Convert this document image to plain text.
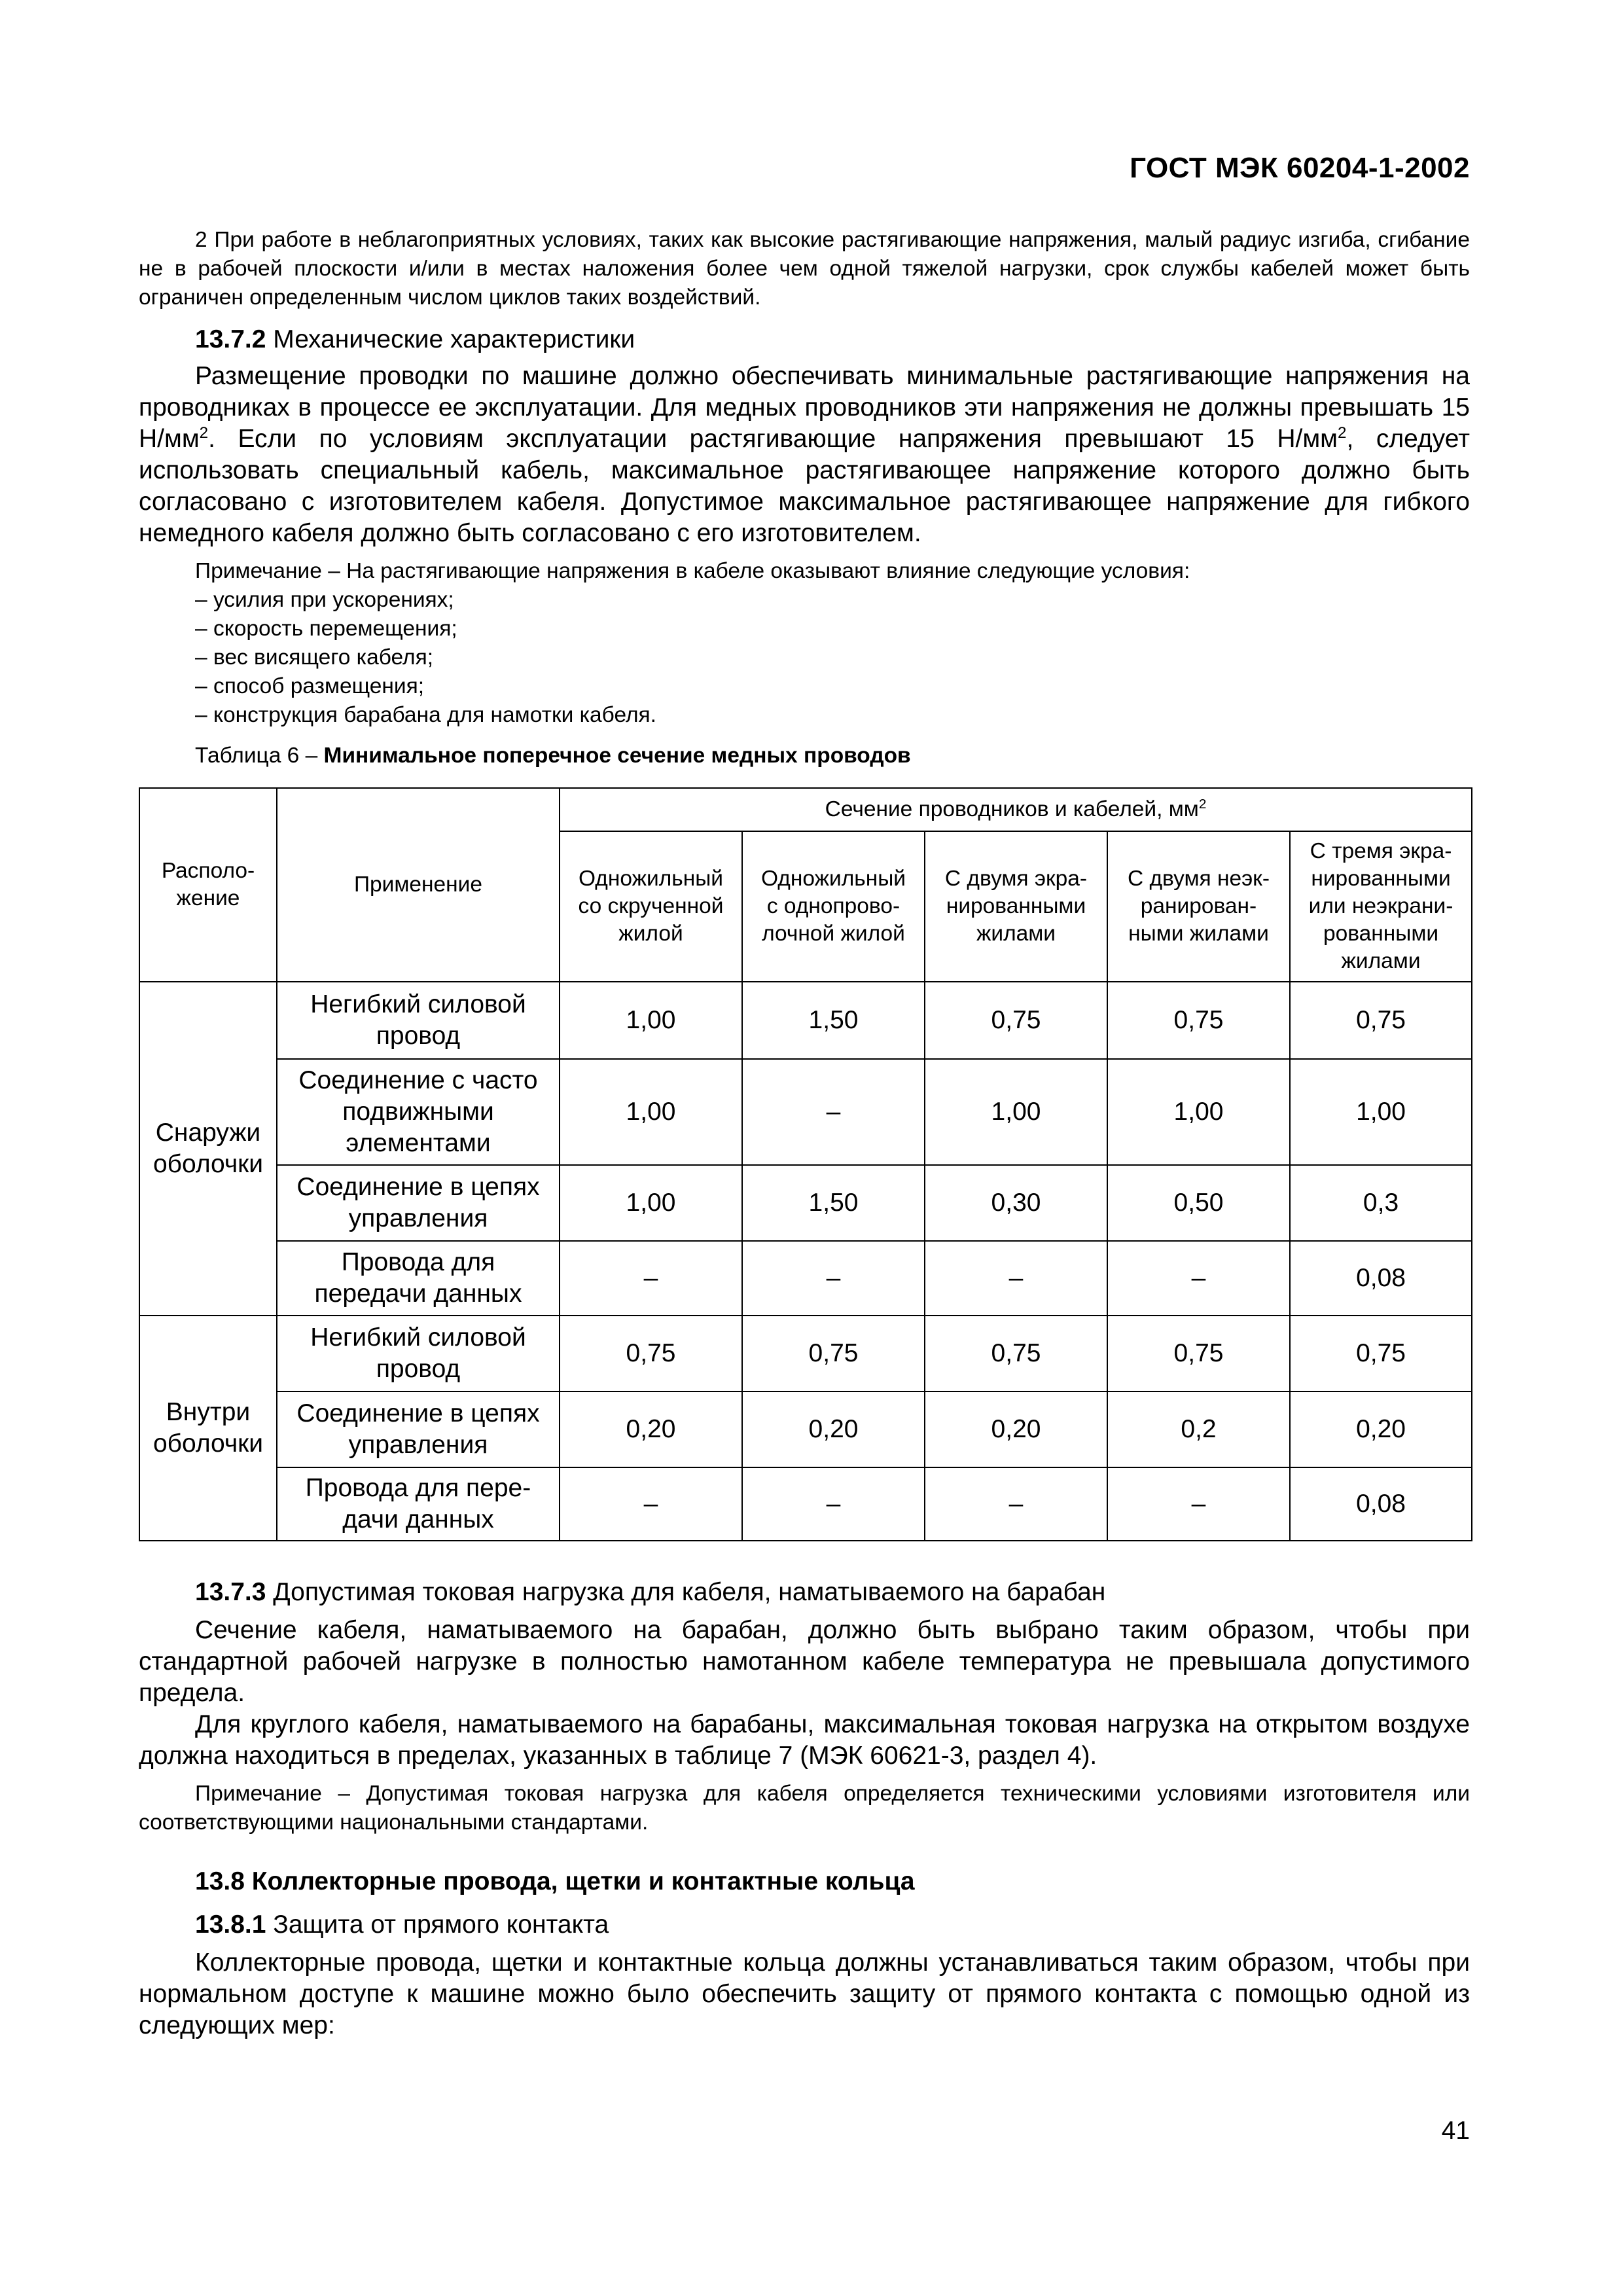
ГОСТ МЭК 60204-1-2002
2 При работе в неблагоприятных условиях, таких как высокие растягивающие напряжения, малый радиус изгиба, сгибание не в рабочей плоскости и/или в местах наложения более чем одной тяжелой нагрузки, срок службы кабелей может быть ограничен определенным числом циклов таких воздействий.
13.7.2 Механические характеристики
Размещение проводки по машине должно обеспечивать минимальные растягивающие напряжения на проводниках в процессе ее эксплуатации. Для медных проводников эти напряжения не должны превышать 15 $Н/мм^2$. Если по условиям эксплуатации растягивающие напряжения превышают 15 $Н/мм^2$, следует использовать специальный кабель, максимальное растягивающее напряжение которого должно быть согласовано с изготовителем кабеля. Допустимое максимальное растягивающее напряжение для гибкого немедного кабеля должно быть согласовано с его изготовителем.
Примечание – На растягивающие напряжения в кабеле оказывают влияние следующие условия:
– усилия при ускорениях;
– скорость перемещения;
– вес висящего кабеля;
– способ размещения;
– конструкция барабана для намотки кабеля.
Таблица 6 – Минимальное поперечное сечение медных проводов
Располо-
жение	Применение	Сечение проводников и кабелей, $мм^2$
		Одножильный
со скрученной
жилой	Одножильный
с однопрово-
лочной жилой	С двумя экра-
нированными
жилами	С двумя неэк-
ранирован-
ными жилами	С тремя экра-
нированными
или неэкрани-
рованными
жилами
Снаружи
оболочки	Негибкий силовой
провод	1,00	1,50	0,75	0,75	0,75
	Соединение с часто
подвижными
элементами	1,00	–	1,00	1,00	1,00
	Соединение в цепях
управления	1,00	1,50	0,30	0,50	0,3
	Провода для
передачи данных	–	–	–	–	0,08
Внутри
оболочки	Негибкий силовой
провод	0,75	0,75	0,75	0,75	0,75
	Соединение в цепях
управления	0,20	0,20	0,20	0,2	0,20
	Провода для пере-
дачи данных	–	–	–	–	0,08
13.7.3 Допустимая токовая нагрузка для кабеля, наматываемого на барабан
Сечение кабеля, наматываемого на барабан, должно быть выбрано таким образом, чтобы при стандартной рабочей нагрузке в полностью намотанном кабеле температура не превышала допустимого предела.
Для круглого кабеля, наматываемого на барабаны, максимальная токовая нагрузка на открытом воздухе должна находиться в пределах, указанных в таблице 7 (МЭК 60621-3, раздел 4).
Примечание – Допустимая токовая нагрузка для кабеля определяется техническими условиями изготовителя или соответствующими национальными стандартами.
13.8 Коллекторные провода, щетки и контактные кольца
13.8.1 Защита от прямого контакта
Коллекторные провода, щетки и контактные кольца должны устанавливаться таким образом, чтобы при нормальном доступе к машине можно было обеспечить защиту от прямого контакта с помощью одной из следующих мер:
41
